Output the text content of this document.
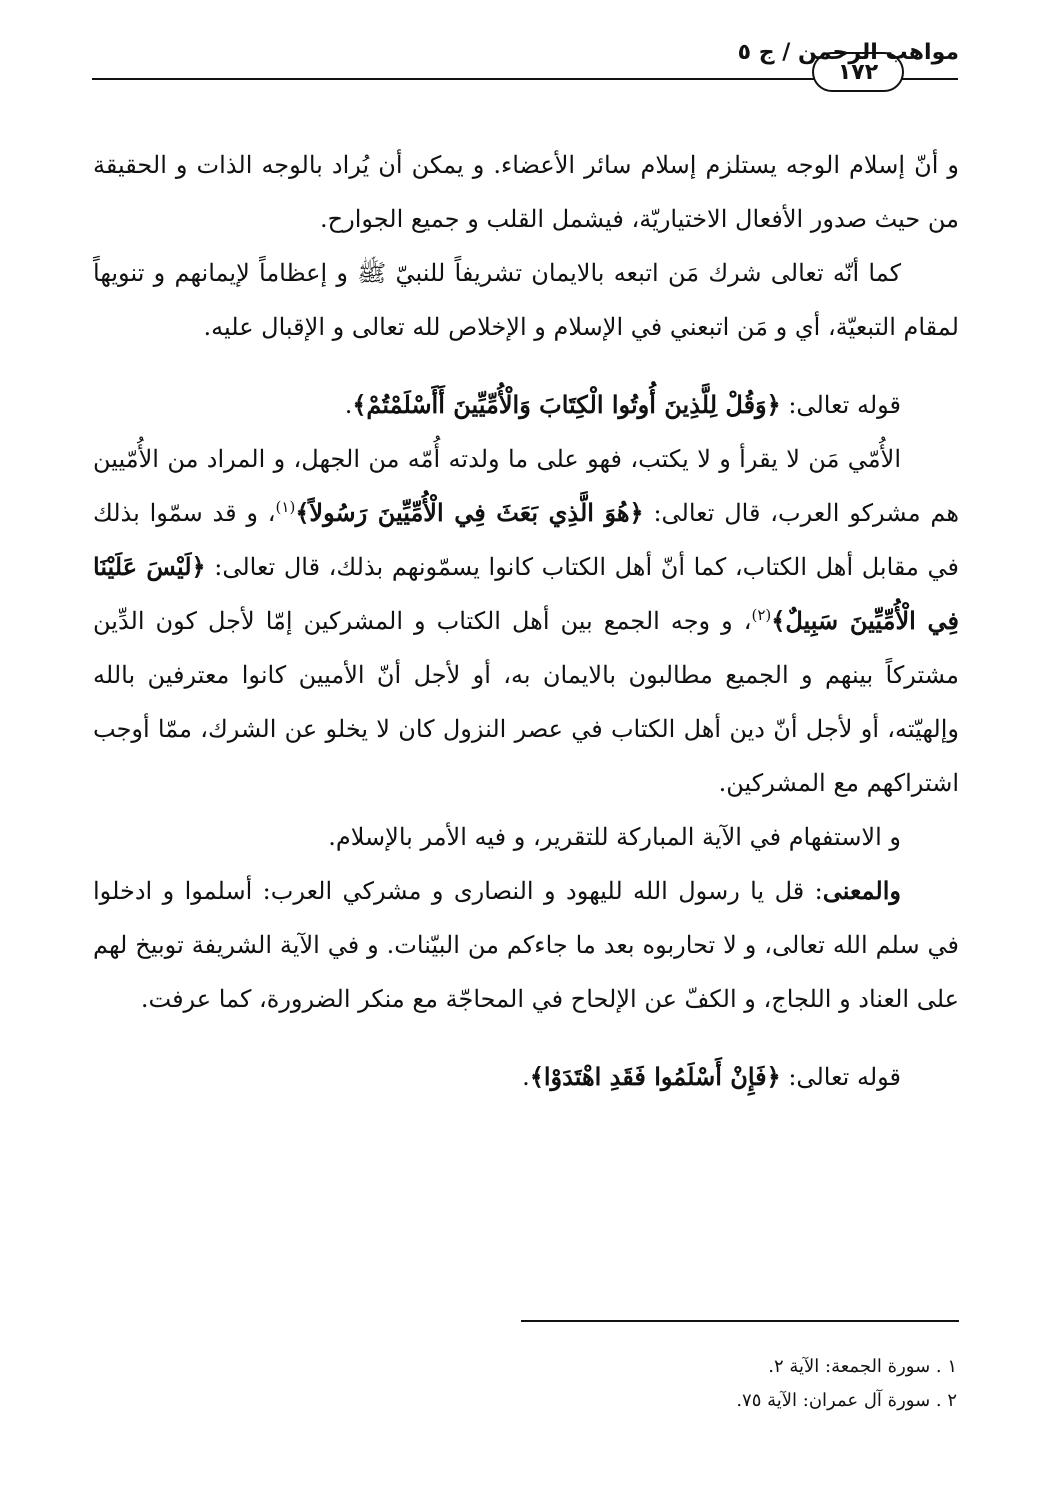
مواهب الرحمن / ج ٥
١٧٢

و أنّ إسلام الوجه يستلزم إسلام سائر الأعضاء. و يمكن أن يُراد بالوجه الذات و الحقيقة من حيث صدور الأفعال الاختياريّة، فيشمل القلب و جميع الجوارح.

كما أنّه تعالى شرك مَن اتبعه بالايمان تشريفاً للنبيّ ﷺ و إعظاماً لإيمانهم و تنويهاً لمقام التبعيّة، أي و مَن اتبعني في الإسلام و الإخلاص لله تعالى و الإقبال عليه.

قوله تعالى: ﴿وَقُلْ لِلَّذِينَ أُوتُوا الْكِتَابَ وَالْأُمِّيِّينَ أَأَسْلَمْتُمْ﴾.

الأُمّي مَن لا يقرأ و لا يكتب، فهو على ما ولدته أُمّه من الجهل، و المراد من الأُمّيين هم مشركو العرب، قال تعالى: ﴿هُوَ الَّذِي بَعَثَ فِي الْأُمِّيِّينَ رَسُولاً﴾$^{(١)}$، و قد سمّوا بذلك في مقابل أهل الكتاب، كما أنّ أهل الكتاب كانوا يسمّونهم بذلك، قال تعالى: ﴿لَيْسَ عَلَيْنَا فِي الْأُمِّيِّينَ سَبِيلٌ﴾$^{(٢)}$، و وجه الجمع بين أهل الكتاب و المشركين إمّا لأجل كون الدِّين مشتركاً بينهم و الجميع مطالبون بالايمان به، أو لأجل أنّ الأميين كانوا معترفين بالله وإلهيّته، أو لأجل أنّ دين أهل الكتاب في عصر النزول كان لا يخلو عن الشرك، ممّا أوجب اشتراكهم مع المشركين.

و الاستفهام في الآية المباركة للتقرير، و فيه الأمر بالإسلام.

والمعنى: قل يا رسول الله لليهود و النصارى و مشركي العرب: أسلموا و ادخلوا في سلم الله تعالى، و لا تحاربوه بعد ما جاءكم من البيّنات. و في الآية الشريفة توبيخ لهم على العناد و اللجاج، و الكفّ عن الإلحاح في المحاجّة مع منكر الضرورة، كما عرفت.

قوله تعالى: ﴿فَإِنْ أَسْلَمُوا فَقَدِ اهْتَدَوْا﴾.

١ . سورة الجمعة: الآية ٢.
٢ . سورة آل عمران: الآية ٧٥.
